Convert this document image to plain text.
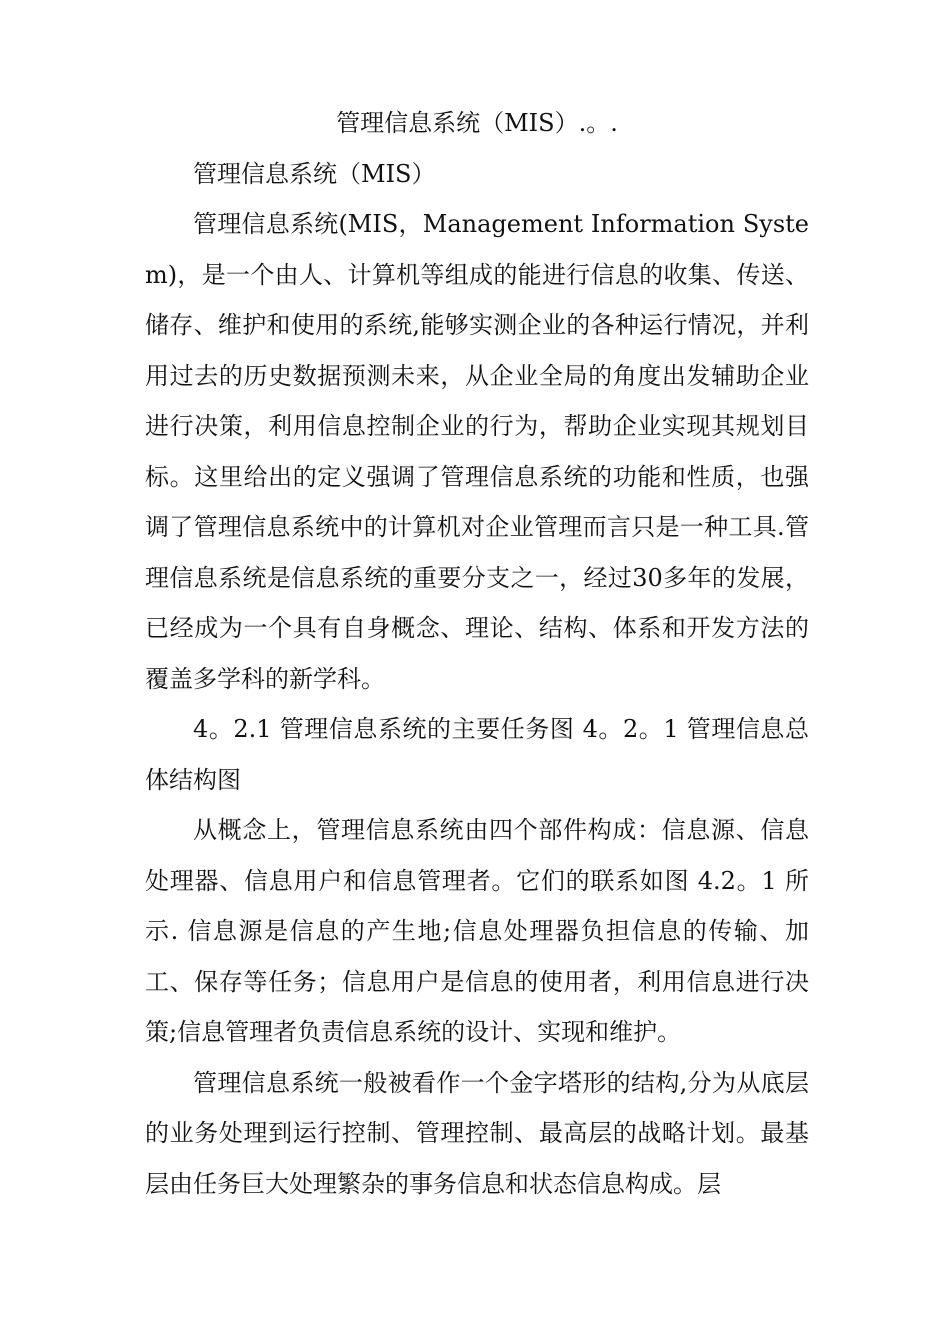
管理信息系统（MIS）.。.

管理信息系统（MIS）

管理信息系统(MIS，Management Information System)，是一个由人、计算机等组成的能进行信息的收集、传送、储存、维护和使用的系统,能够实测企业的各种运行情况，并利用过去的历史数据预测未来，从企业全局的角度出发辅助企业进行决策，利用信息控制企业的行为，帮助企业实现其规划目标。这里给出的定义强调了管理信息系统的功能和性质，也强调了管理信息系统中的计算机对企业管理而言只是一种工具.管理信息系统是信息系统的重要分支之一，经过30多年的发展，已经成为一个具有自身概念、理论、结构、体系和开发方法的覆盖多学科的新学科。

4。2.1 管理信息系统的主要任务图 4。2。1 管理信息总体结构图

从概念上，管理信息系统由四个部件构成：信息源、信息处理器、信息用户和信息管理者。它们的联系如图 4.2。1 所示. 信息源是信息的产生地;信息处理器负担信息的传输、加工、保存等任务；信息用户是信息的使用者，利用信息进行决策;信息管理者负责信息系统的设计、实现和维护。

管理信息系统一般被看作一个金字塔形的结构,分为从底层的业务处理到运行控制、管理控制、最高层的战略计划。最基层由任务巨大处理繁杂的事务信息和状态信息构成。层
